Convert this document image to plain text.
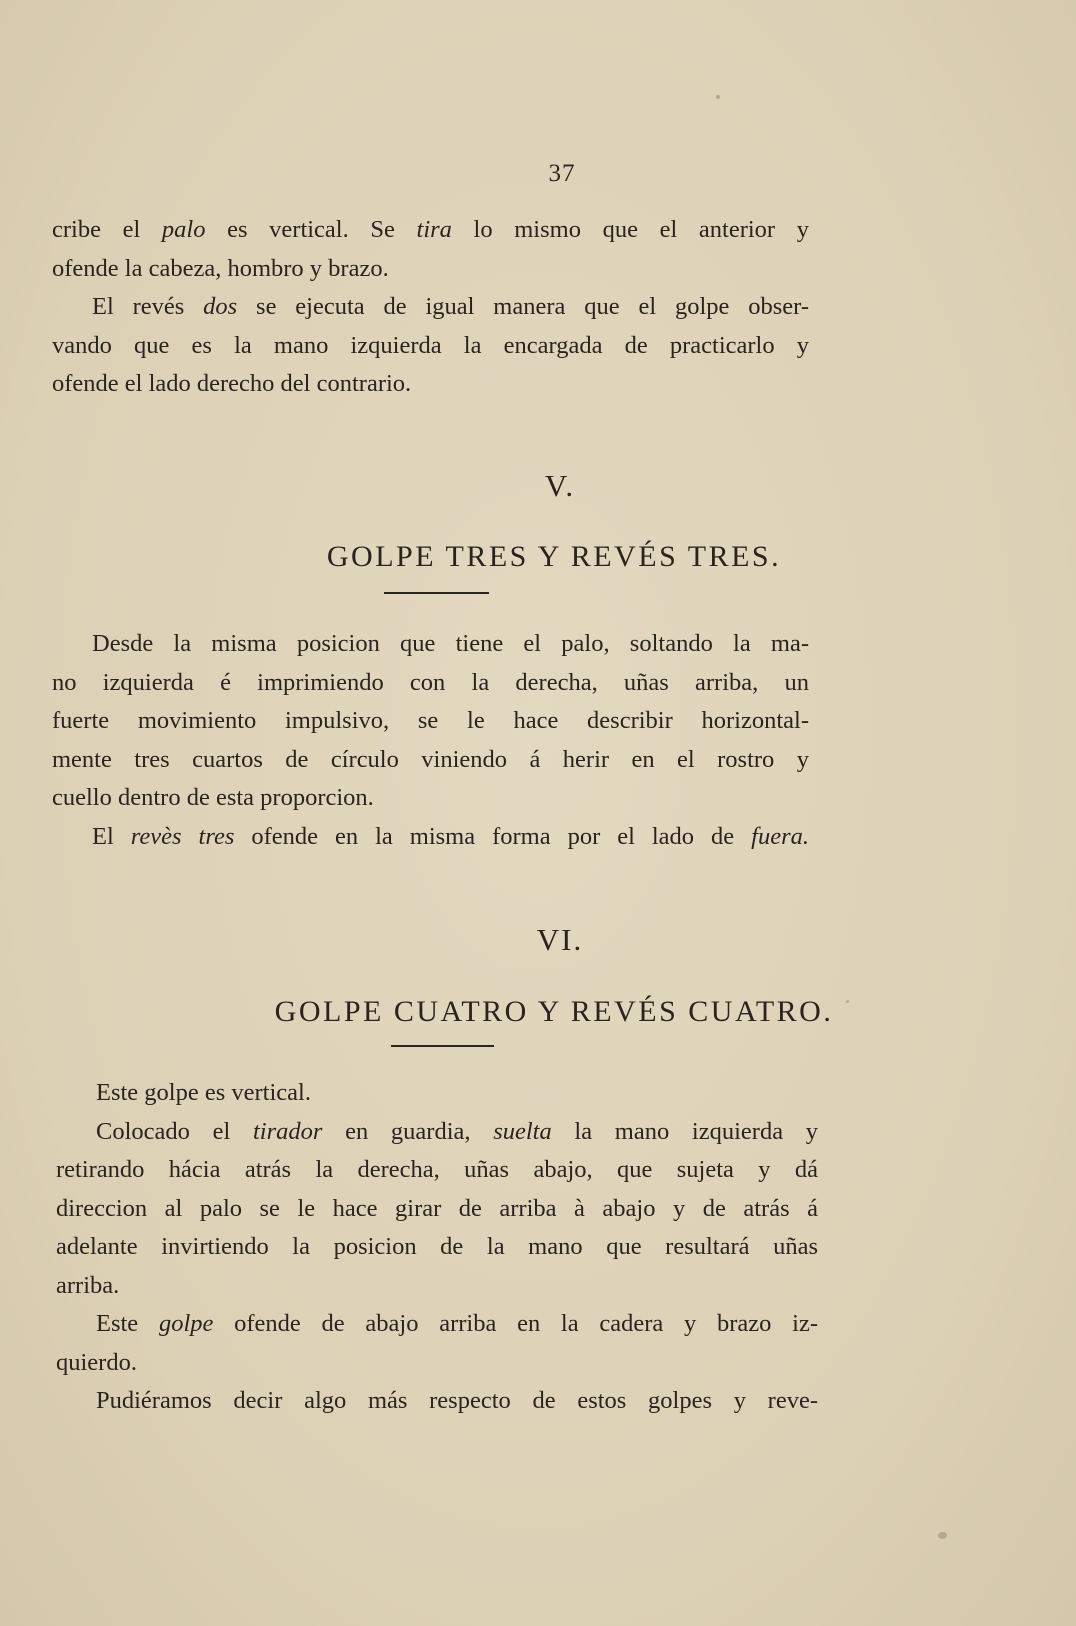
37
cribe el palo es vertical. Se tira lo mismo que el anterior y
ofende la cabeza, hombro y brazo.
El revés dos se ejecuta de igual manera que el golpe obser-
vando que es la mano izquierda la encargada de practicarlo y
ofende el lado derecho del contrario.
V.
GOLPE TRES Y REVÉS TRES.
Desde la misma posicion que tiene el palo, soltando la ma-
no izquierda é imprimiendo con la derecha, uñas arriba, un
fuerte movimiento impulsivo, se le hace describir horizontal-
mente tres cuartos de círculo viniendo á herir en el rostro y
cuello dentro de esta proporcion.
El revès tres ofende en la misma forma por el lado de fuera.
VI.
GOLPE CUATRO Y REVÉS CUATRO.
Este golpe es vertical.
Colocado el tirador en guardia, suelta la mano izquierda y
retirando hácia atrás la derecha, uñas abajo, que sujeta y dá
direccion al palo se le hace girar de arriba à abajo y de atrás á
adelante invirtiendo la posicion de la mano que resultará uñas
arriba.
Este golpe ofende de abajo arriba en la cadera y brazo iz-
quierdo.
Pudiéramos decir algo más respecto de estos golpes y reve-
